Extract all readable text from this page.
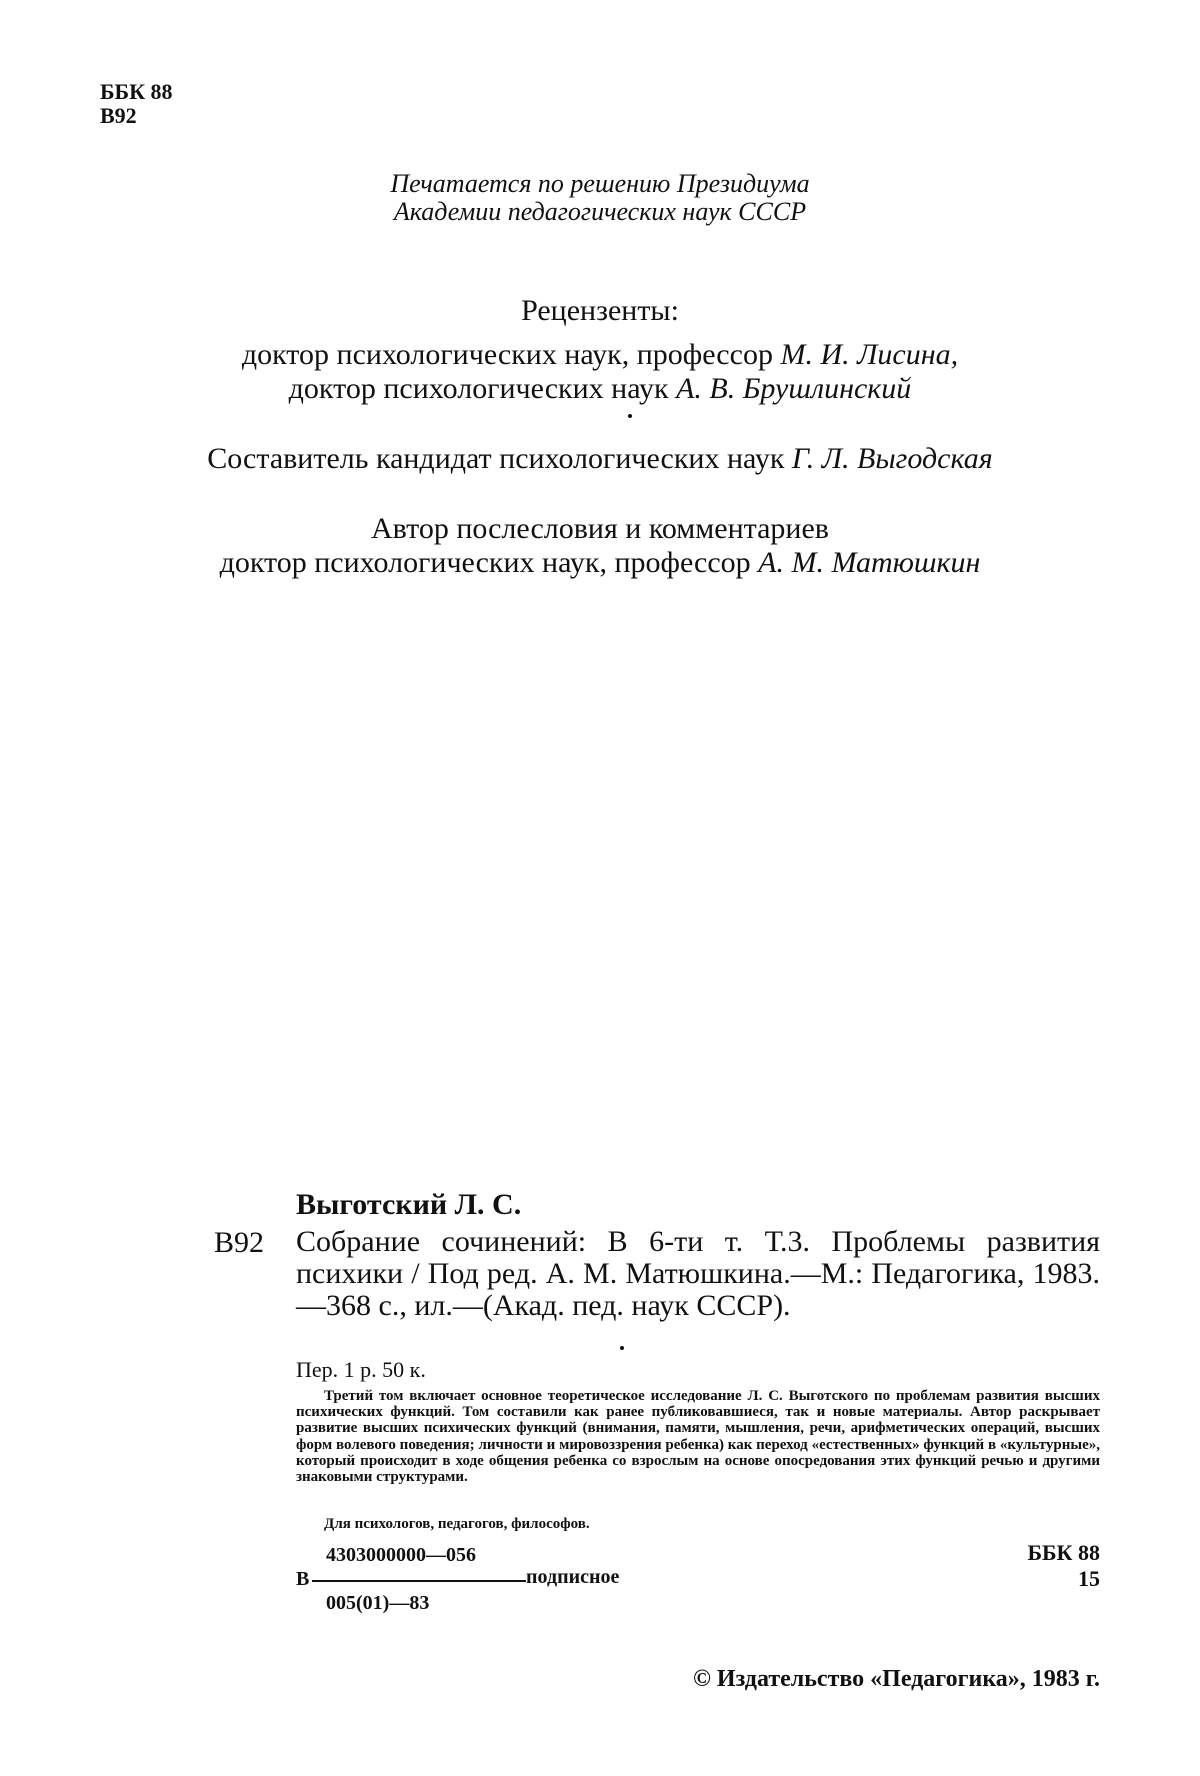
ББК 88
В92
Печатается по решению Президиума
Академии педагогических наук СССР
Рецензенты:
доктор психологических наук, профессор М. И. Лисина,
доктор психологических наук А. В. Брушлинский
Составитель кандидат психологических наук Г. Л. Выгодская
Автор послесловия и комментариев
доктор психологических наук, профессор А. М. Матюшкин
Выготский Л. С.
В92 Собрание сочинений: В 6-ти т. Т.3. Проблемы развития психики / Под ред. А. М. Матюшкина.—М.: Педагогика, 1983.—368 с., ил.—(Акад. пед. наук СССР).
Пер. 1 р. 50 к.
Третий том включает основное теоретическое исследование Л. С. Выготского по проблемам развития высших психических функций. Том составили как ранее публиковавшиеся, так и новые материалы. Автор раскрывает развитие высших психических функций (внимания, памяти, мышления, речи, арифметических операций, высших форм волевого поведения; личности и мировоззрения ребенка) как переход «естественных» функций в «культурные», который происходит в ходе общения ребенка со взрослым на основе опосредования этих функций речью и другими знаковыми структурами.
Для психологов, педагогов, философов.
4303000000—056
В	подписное
005(01)—83
ББК 88
15
© Издательство «Педагогика», 1983 г.
